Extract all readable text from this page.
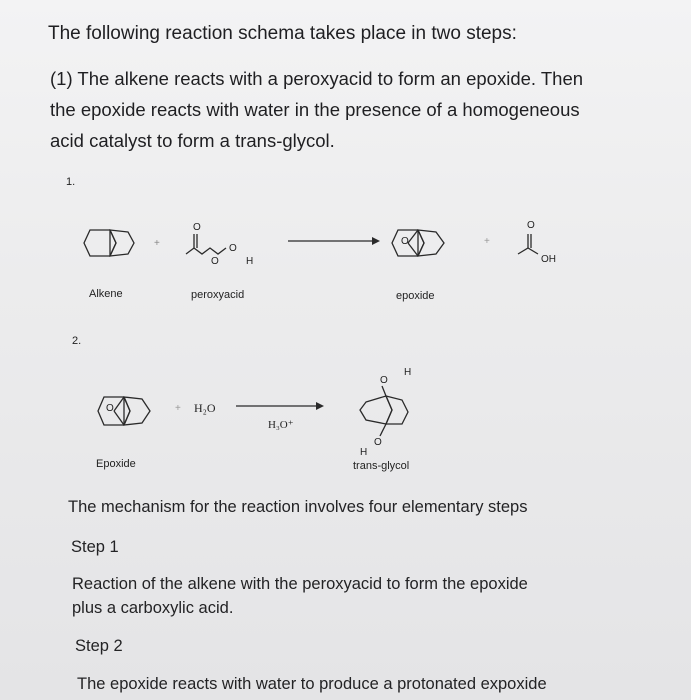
The following reaction schema takes place in two steps:
(1) The alkene reacts with a peroxyacid to form an epoxide. Then
the epoxide reacts with water in the presence of a homogeneous
acid catalyst to form a trans-glycol.
1.
+
O
O
O
H
O	+
O
OH
Alkene	peroxyacid	epoxide
2.
O	+ H₂O
H₃O⁺
O
H
O
H
Epoxide	trans-glycol
The mechanism for the reaction involves four elementary steps
Step 1
Reaction of the alkene with the peroxyacid to form the epoxide
plus a carboxylic acid.
Step 2
The epoxide reacts with water to produce a protonated expoxide
